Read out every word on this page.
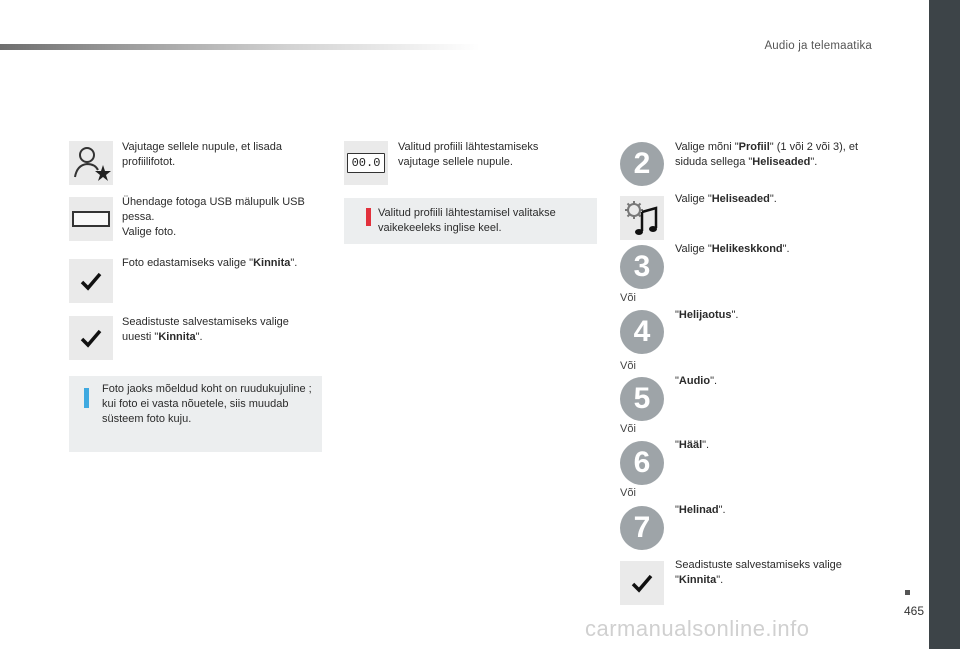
Audio ja telemaatika
465
carmanualsonline.info
Vajutage sellele nupule, et lisada profiilifotot.
Ühendage fotoga USB mälupulk USB pessa.
Valige foto.
Foto edastamiseks valige "Kinnita".
Seadistuste salvestamiseks valige uuesti "Kinnita".
Foto jaoks mõeldud koht on ruudukujuline ; kui foto ei vasta nõuetele, siis muudab süsteem foto kuju.
00.0
Valitud profiili lähtestamiseks vajutage sellele nupule.
Valitud profiili lähtestamisel valitakse vaikekeeleks inglise keel.
2	Valige mõni "Profiil" (1 või 2 või 3), et siduda sellega "Heliseaded".
Valige "Heliseaded".
3
Valige "Helikeskkond".
Või
4	"Helijaotus".
Või
5
"Audio".
Või
6
"Hääl".
Või
7
"Helinad".
Seadistuste salvestamiseks valige "Kinnita".
